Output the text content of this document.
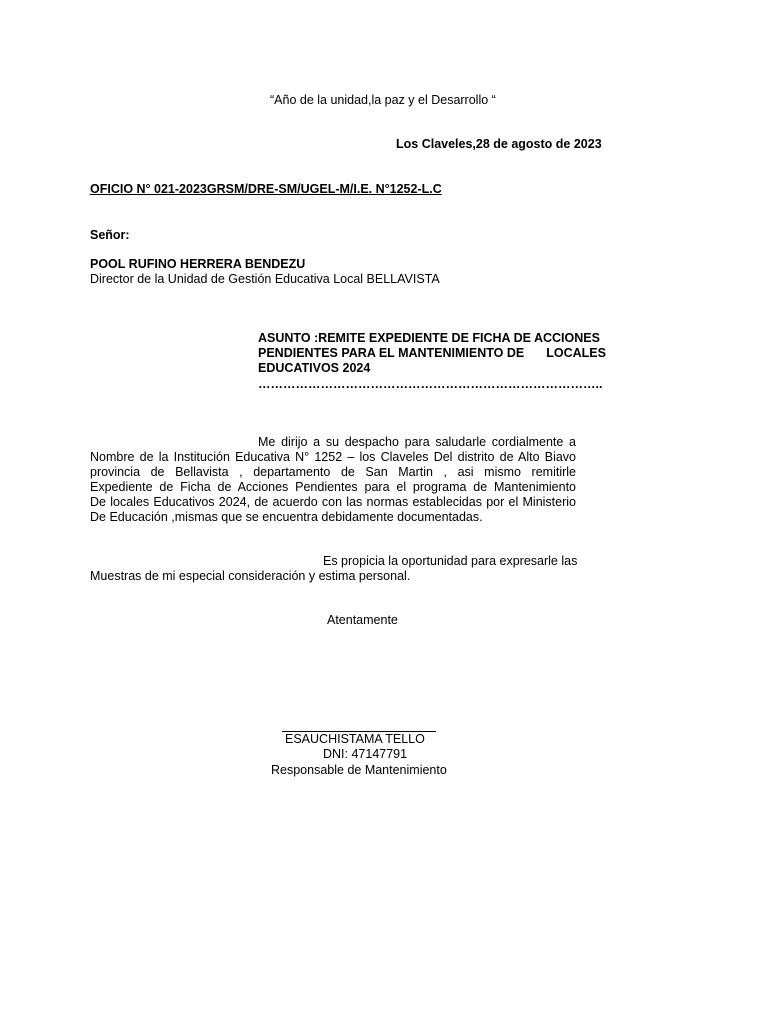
“Año de la unidad,la paz y el Desarrollo “
Los Claveles,28 de agosto de 2023
OFICIO N° 021-2023GRSM/DRE-SM/UGEL-M/I.E. N°1252-L.C
Señor:
POOL RUFINO HERRERA BENDEZU
Director de la Unidad de Gestión Educativa Local BELLAVISTA
ASUNTO :REMITE EXPEDIENTE DE FICHA DE ACCIONES
PENDIENTES PARA EL MANTENIMIENTO DE LOCALES
EDUCATIVOS 2024
………………………………………………………………………..
Me dirijo a su despacho para saludarle cordialmente a
Nombre de la Institución Educativa N° 1252 – los Claveles Del distrito de Alto Biavo
provincia de Bellavista , departamento de San Martin , asi mismo remitirle
Expediente de Ficha de Acciones Pendientes para el programa de Mantenimiento
De locales Educativos 2024, de acuerdo con las normas establecidas por el Ministerio
De Educación ,mismas que se encuentra debidamente documentadas.
Es propicia la oportunidad para expresarle las
Muestras de mi especial consideración y estima personal.
Atentamente
ESAUCHISTAMA TELLO
DNI: 47147791
Responsable de Mantenimiento
